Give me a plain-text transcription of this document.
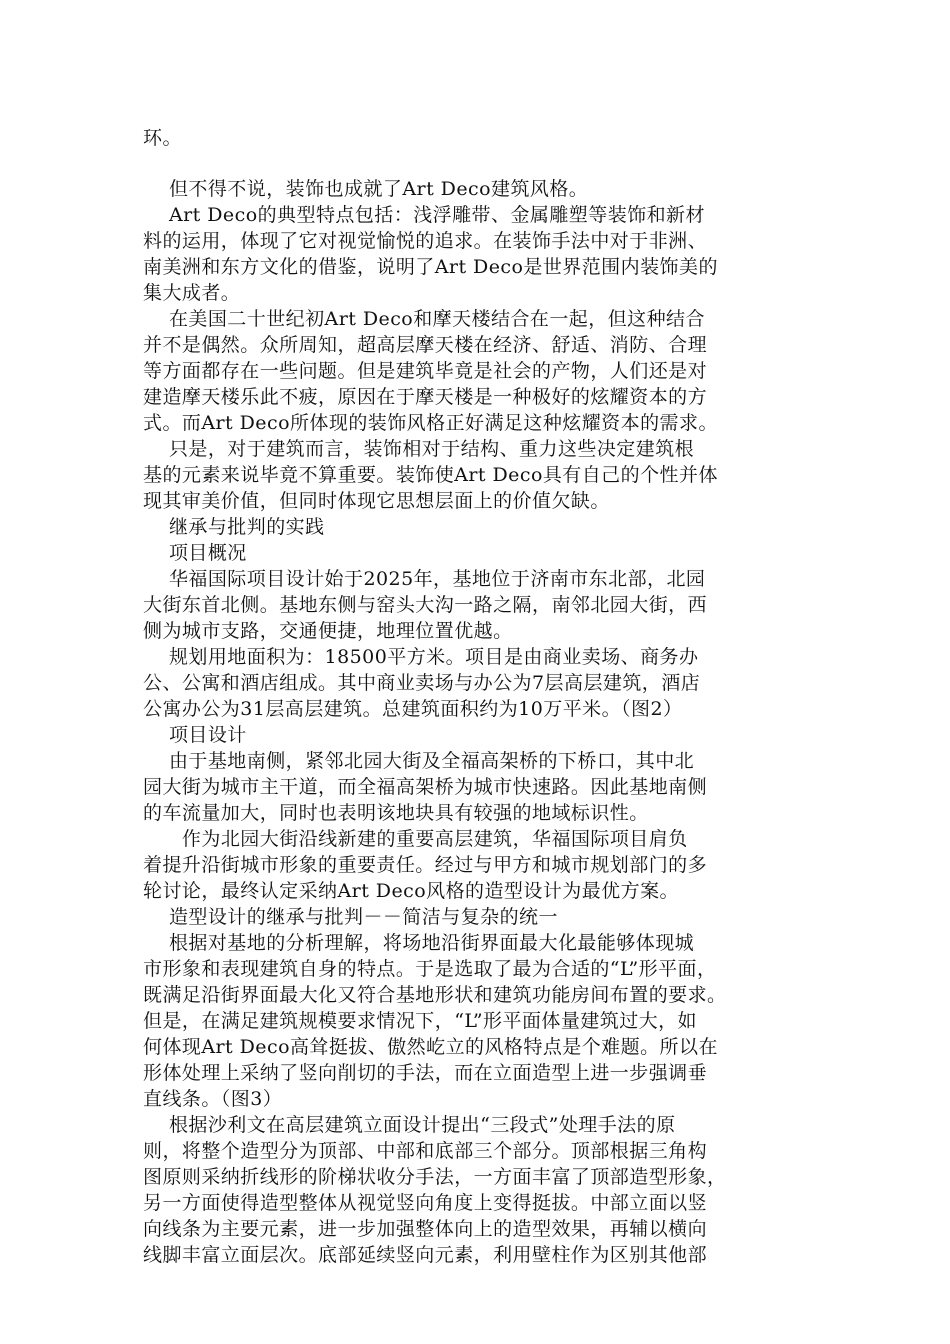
环。
但不得不说，装饰也成就了Art Deco建筑风格。
Art Deco的典型特点包括：浅浮雕带、金属雕塑等装饰和新材
料的运用，体现了它对视觉愉悦的追求。在装饰手法中对于非洲、
南美洲和东方文化的借鉴，说明了Art Deco是世界范围内装饰美的
集大成者。
在美国二十世纪初Art Deco和摩天楼结合在一起，但这种结合
并不是偶然。众所周知，超高层摩天楼在经济、舒适、消防、合理
等方面都存在一些问题。但是建筑毕竟是社会的产物，人们还是对
建造摩天楼乐此不疲，原因在于摩天楼是一种极好的炫耀资本的方
式。而Art Deco所体现的装饰风格正好满足这种炫耀资本的需求。
只是，对于建筑而言，装饰相对于结构、重力这些决定建筑根
基的元素来说毕竟不算重要。装饰使Art Deco具有自己的个性并体
现其审美价值，但同时体现它思想层面上的价值欠缺。
继承与批判的实践
项目概况
华福国际项目设计始于2025年，基地位于济南市东北部，北园
大街东首北侧。基地东侧与窑头大沟一路之隔，南邻北园大街，西
侧为城市支路，交通便捷，地理位置优越。
规划用地面积为：18500平方米。项目是由商业卖场、商务办
公、公寓和酒店组成。其中商业卖场与办公为7层高层建筑，酒店
公寓办公为31层高层建筑。总建筑面积约为10万平米。（图2）
项目设计
由于基地南侧，紧邻北园大街及全福高架桥的下桥口，其中北
园大街为城市主干道，而全福高架桥为城市快速路。因此基地南侧
的车流量加大，同时也表明该地块具有较强的地域标识性。
作为北园大街沿线新建的重要高层建筑，华福国际项目肩负
着提升沿街城市形象的重要责任。经过与甲方和城市规划部门的多
轮讨论，最终认定采纳Art Deco风格的造型设计为最优方案。
造型设计的继承与批判－－简洁与复杂的统一
根据对基地的分析理解，将场地沿街界面最大化最能够体现城
市形象和表现建筑自身的特点。于是选取了最为合适的“L”形平面，
既满足沿街界面最大化又符合基地形状和建筑功能房间布置的要求。
但是，在满足建筑规模要求情况下，“L”形平面体量建筑过大，如
何体现Art Deco高耸挺拔、傲然屹立的风格特点是个难题。所以在
形体处理上采纳了竖向削切的手法，而在立面造型上进一步强调垂
直线条。（图3）
根据沙利文在高层建筑立面设计提出“三段式”处理手法的原
则，将整个造型分为顶部、中部和底部三个部分。顶部根据三角构
图原则采纳折线形的阶梯状收分手法，一方面丰富了顶部造型形象，
另一方面使得造型整体从视觉竖向角度上变得挺拔。中部立面以竖
向线条为主要元素，进一步加强整体向上的造型效果，再辅以横向
线脚丰富立面层次。底部延续竖向元素，利用壁柱作为区别其他部
